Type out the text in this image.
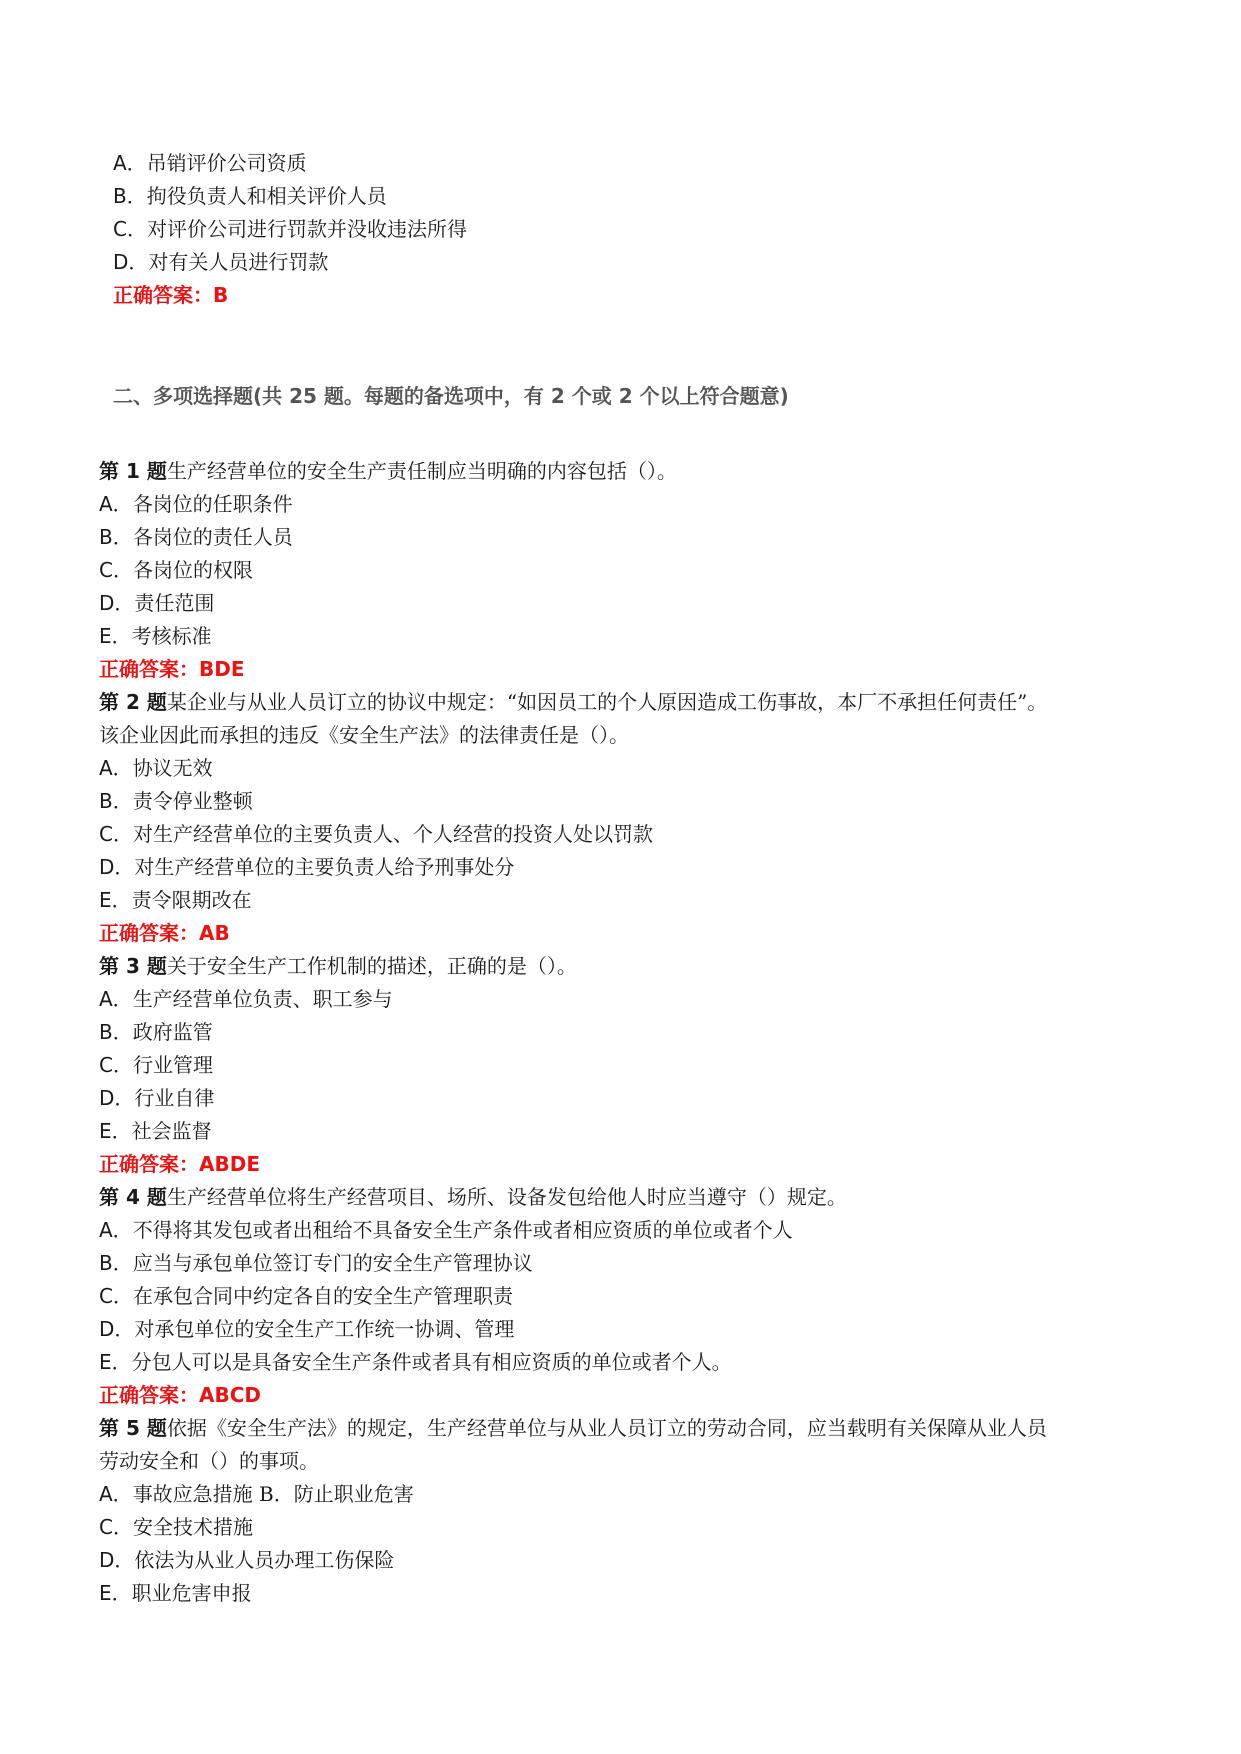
A．吊销评价公司资质
B．拘役负责人和相关评价人员
C．对评价公司进行罚款并没收违法所得
D．对有关人员进行罚款
正确答案：B
二、多项选择题(共 25 题。每题的备选项中，有 2 个或 2 个以上符合题意)
第 1 题生产经营单位的安全生产责任制应当明确的内容包括（）。
A．各岗位的任职条件
B．各岗位的责任人员
C．各岗位的权限
D．责任范围
E．考核标准
正确答案：BDE
第 2 题某企业与从业人员订立的协议中规定：“如因员工的个人原因造成工伤事故，本厂不承担任何责任”。
该企业因此而承担的违反《安全生产法》的法律责任是（）。
A．协议无效
B．责令停业整顿
C．对生产经营单位的主要负责人、个人经营的投资人处以罚款
D．对生产经营单位的主要负责人给予刑事处分
E．责令限期改在
正确答案：AB
第 3 题关于安全生产工作机制的描述，正确的是（）。
A．生产经营单位负责、职工参与
B．政府监管
C．行业管理
D．行业自律
E．社会监督
正确答案：ABDE
第 4 题生产经营单位将生产经营项目、场所、设备发包给他人时应当遵守（）规定。
A．不得将其发包或者出租给不具备安全生产条件或者相应资质的单位或者个人
B．应当与承包单位签订专门的安全生产管理协议
C．在承包合同中约定各自的安全生产管理职责
D．对承包单位的安全生产工作统一协调、管理
E．分包人可以是具备安全生产条件或者具有相应资质的单位或者个人。
正确答案：ABCD
第 5 题依据《安全生产法》的规定，生产经营单位与从业人员订立的劳动合同，应当载明有关保障从业人员
劳动安全和（）的事项。
A．事故应急措施 B．防止职业危害
C．安全技术措施
D．依法为从业人员办理工伤保险
E．职业危害申报
